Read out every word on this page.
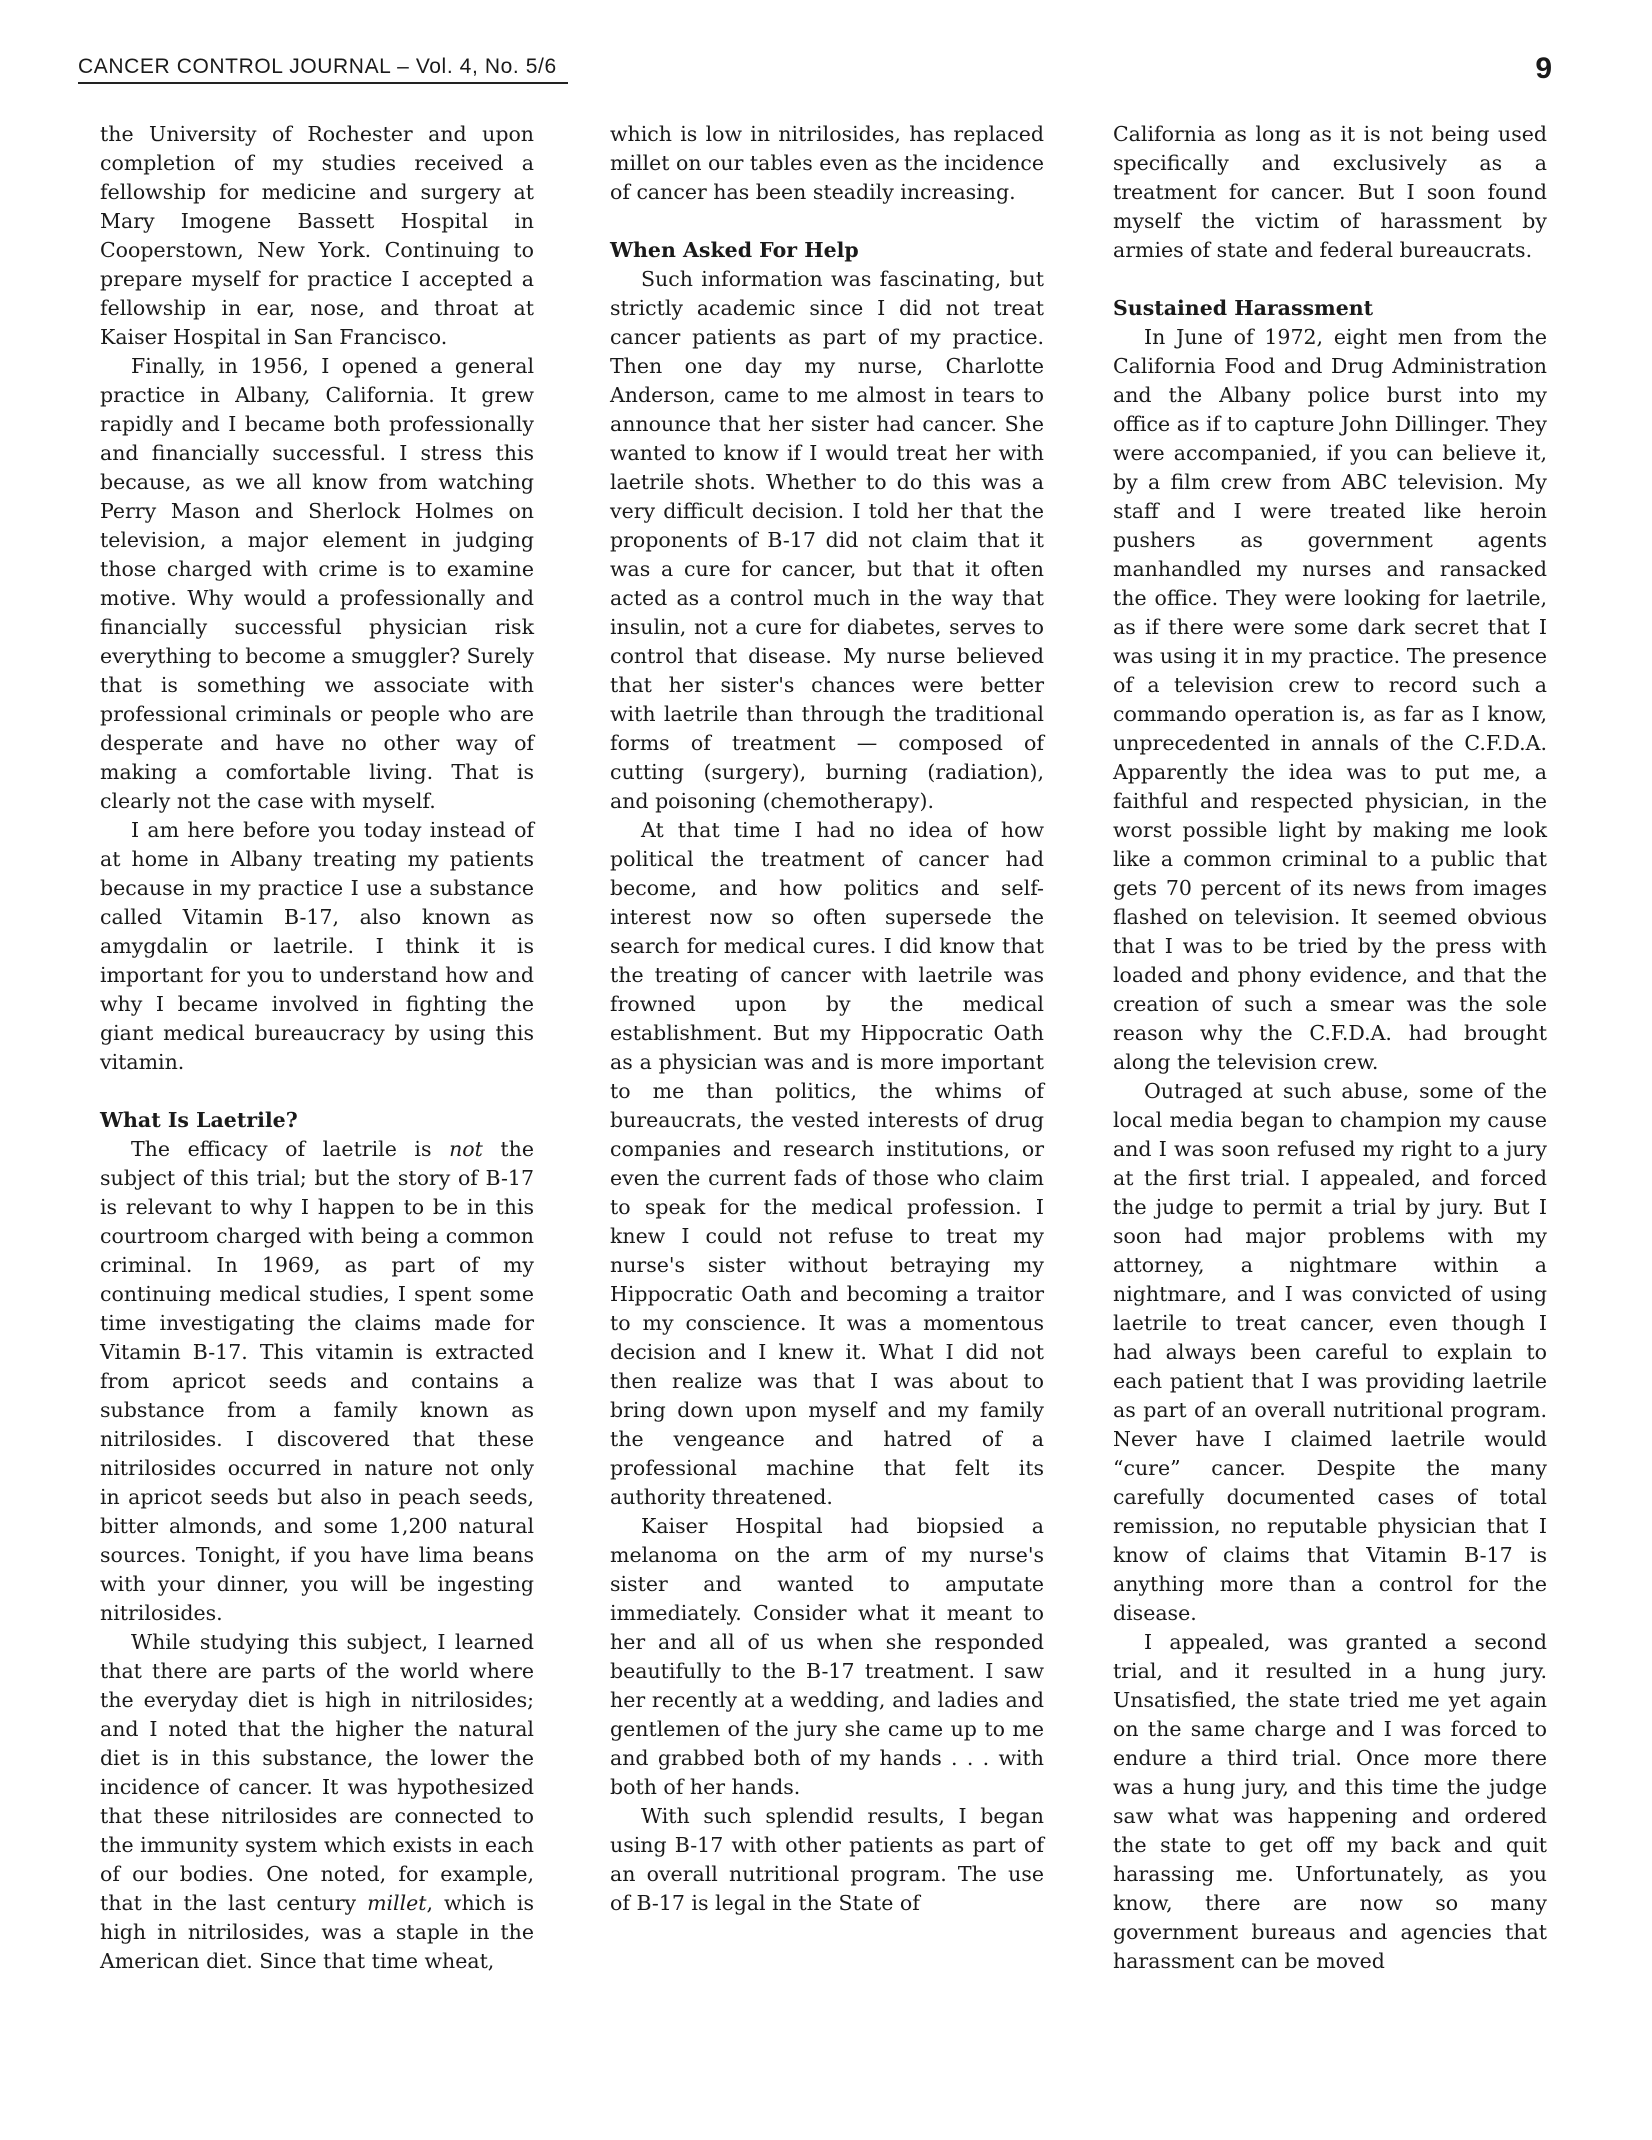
CANCER CONTROL JOURNAL – Vol. 4, No. 5/6	9

the University of Rochester and upon completion of my studies received a fellowship for medicine and surgery at Mary Imogene Bassett Hospital in Cooperstown, New York. Continuing to prepare myself for practice I accepted a fellowship in ear, nose, and throat at Kaiser Hospital in San Francisco.

Finally, in 1956, I opened a general practice in Albany, California. It grew rapidly and I became both professionally and financially successful. I stress this because, as we all know from watching Perry Mason and Sherlock Holmes on television, a major element in judging those charged with crime is to examine motive. Why would a professionally and financially successful physician risk everything to become a smuggler? Surely that is something we associate with professional criminals or people who are desperate and have no other way of making a comfortable living. That is clearly not the case with myself.

I am here before you today instead of at home in Albany treating my patients because in my practice I use a substance called Vitamin B-17, also known as amygdalin or laetrile. I think it is important for you to understand how and why I became involved in fighting the giant medical bureaucracy by using this vitamin.

What Is Laetrile?

The efficacy of laetrile is not the subject of this trial; but the story of B-17 is relevant to why I happen to be in this courtroom charged with being a common criminal. In 1969, as part of my continuing medical studies, I spent some time investigating the claims made for Vitamin B-17. This vitamin is extracted from apricot seeds and contains a substance from a family known as nitrilosides. I discovered that these nitrilosides occurred in nature not only in apricot seeds but also in peach seeds, bitter almonds, and some 1,200 natural sources. Tonight, if you have lima beans with your dinner, you will be ingesting nitrilosides.

While studying this subject, I learned that there are parts of the world where the everyday diet is high in nitrilosides; and I noted that the higher the natural diet is in this substance, the lower the incidence of cancer. It was hypothesized that these nitrilosides are connected to the immunity system which exists in each of our bodies. One noted, for example, that in the last century millet, which is high in nitrilosides, was a staple in the American diet. Since that time wheat,

which is low in nitrilosides, has replaced millet on our tables even as the incidence of cancer has been steadily increasing.

When Asked For Help

Such information was fascinating, but strictly academic since I did not treat cancer patients as part of my practice. Then one day my nurse, Charlotte Anderson, came to me almost in tears to announce that her sister had cancer. She wanted to know if I would treat her with laetrile shots. Whether to do this was a very difficult decision. I told her that the proponents of B-17 did not claim that it was a cure for cancer, but that it often acted as a control much in the way that insulin, not a cure for diabetes, serves to control that disease. My nurse believed that her sister's chances were better with laetrile than through the traditional forms of treatment — composed of cutting (surgery), burning (radiation), and poisoning (chemotherapy).

At that time I had no idea of how political the treatment of cancer had become, and how politics and self-interest now so often supersede the search for medical cures. I did know that the treating of cancer with laetrile was frowned upon by the medical establishment. But my Hippocratic Oath as a physician was and is more important to me than politics, the whims of bureaucrats, the vested interests of drug companies and research institutions, or even the current fads of those who claim to speak for the medical profession. I knew I could not refuse to treat my nurse's sister without betraying my Hippocratic Oath and becoming a traitor to my conscience. It was a momentous decision and I knew it. What I did not then realize was that I was about to bring down upon myself and my family the vengeance and hatred of a professional machine that felt its authority threatened.

Kaiser Hospital had biopsied a melanoma on the arm of my nurse's sister and wanted to amputate immediately. Consider what it meant to her and all of us when she responded beautifully to the B-17 treatment. I saw her recently at a wedding, and ladies and gentlemen of the jury she came up to me and grabbed both of my hands . . . with both of her hands.

With such splendid results, I began using B-17 with other patients as part of an overall nutritional program. The use of B-17 is legal in the State of

California as long as it is not being used specifically and exclusively as a treatment for cancer. But I soon found myself the victim of harassment by armies of state and federal bureaucrats.

Sustained Harassment

In June of 1972, eight men from the California Food and Drug Administration and the Albany police burst into my office as if to capture John Dillinger. They were accompanied, if you can believe it, by a film crew from ABC television. My staff and I were treated like heroin pushers as government agents manhandled my nurses and ransacked the office. They were looking for laetrile, as if there were some dark secret that I was using it in my practice. The presence of a television crew to record such a commando operation is, as far as I know, unprecedented in annals of the C.F.D.A. Apparently the idea was to put me, a faithful and respected physician, in the worst possible light by making me look like a common criminal to a public that gets 70 percent of its news from images flashed on television. It seemed obvious that I was to be tried by the press with loaded and phony evidence, and that the creation of such a smear was the sole reason why the C.F.D.A. had brought along the television crew.

Outraged at such abuse, some of the local media began to champion my cause and I was soon refused my right to a jury at the first trial. I appealed, and forced the judge to permit a trial by jury. But I soon had major problems with my attorney, a nightmare within a nightmare, and I was convicted of using laetrile to treat cancer, even though I had always been careful to explain to each patient that I was providing laetrile as part of an overall nutritional program. Never have I claimed laetrile would “cure” cancer. Despite the many carefully documented cases of total remission, no reputable physician that I know of claims that Vitamin B-17 is anything more than a control for the disease.

I appealed, was granted a second trial, and it resulted in a hung jury. Unsatisfied, the state tried me yet again on the same charge and I was forced to endure a third trial. Once more there was a hung jury, and this time the judge saw what was happening and ordered the state to get off my back and quit harassing me. Unfortunately, as you know, there are now so many government bureaus and agencies that harassment can be moved
